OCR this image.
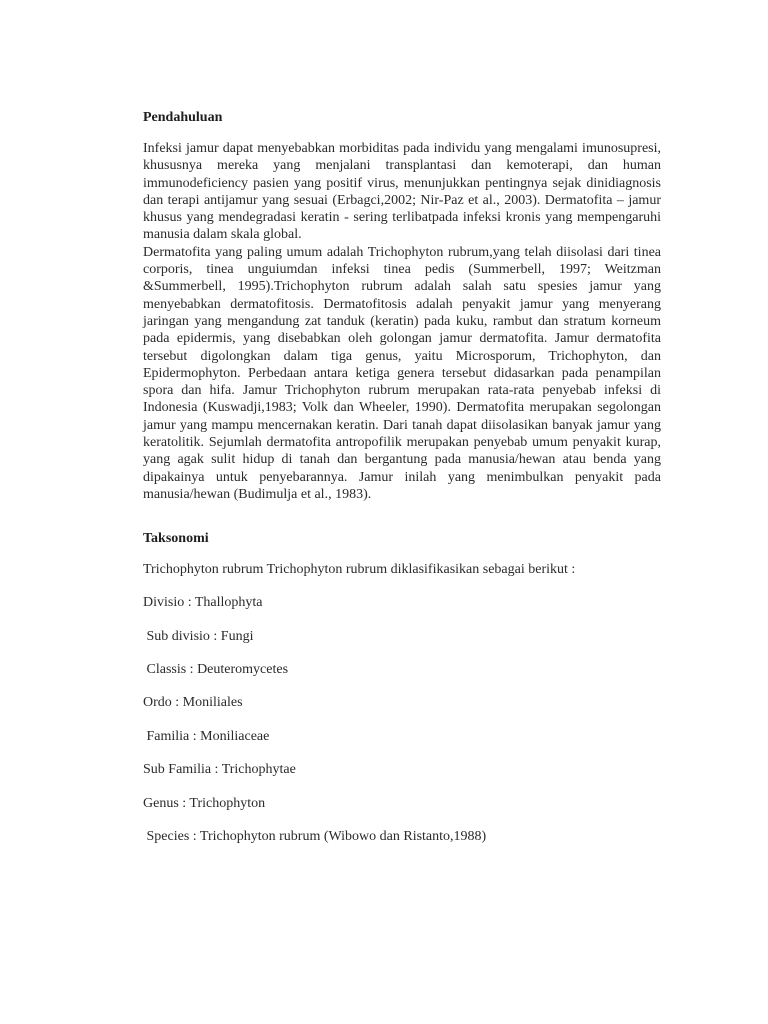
Pendahuluan

Infeksi jamur dapat menyebabkan morbiditas pada individu yang mengalami imunosupresi, khususnya mereka yang menjalani transplantasi dan kemoterapi, dan human immunodeficiency pasien yang positif virus, menunjukkan pentingnya sejak dinidiagnosis dan terapi antijamur yang sesuai (Erbagci,2002; Nir-Paz et al., 2003). Dermatofita – jamur khusus yang mendegradasi keratin - sering terlibatpada infeksi kronis yang mempengaruhi manusia dalam skala global.

Dermatofita yang paling umum adalah Trichophyton rubrum,yang telah diisolasi dari tinea corporis, tinea unguiumdan infeksi tinea pedis (Summerbell, 1997; Weitzman &Summerbell, 1995).Trichophyton rubrum adalah salah satu spesies jamur yang menyebabkan dermatofitosis. Dermatofitosis adalah penyakit jamur yang menyerang jaringan yang mengandung zat tanduk (keratin) pada kuku, rambut dan stratum korneum pada epidermis, yang disebabkan oleh golongan jamur dermatofita. Jamur dermatofita tersebut digolongkan dalam tiga genus, yaitu Microsporum, Trichophyton, dan Epidermophyton. Perbedaan antara ketiga genera tersebut didasarkan pada penampilan spora dan hifa. Jamur Trichophyton rubrum merupakan rata-rata penyebab infeksi di Indonesia (Kuswadji,1983; Volk dan Wheeler, 1990). Dermatofita merupakan segolongan jamur yang mampu mencernakan keratin. Dari tanah dapat diisolasikan banyak jamur yang keratolitik. Sejumlah dermatofita antropofilik merupakan penyebab umum penyakit kurap, yang agak sulit hidup di tanah dan bergantung pada manusia/hewan atau benda yang dipakainya untuk penyebarannya. Jamur inilah yang menimbulkan penyakit pada manusia/hewan (Budimulja et al., 1983).

Taksonomi
Trichophyton rubrum Trichophyton rubrum diklasifikasikan sebagai berikut :
Divisio : Thallophyta
Sub divisio : Fungi
Classis : Deuteromycetes
Ordo : Moniliales
Familia : Moniliaceae
Sub Familia : Trichophytae
Genus : Trichophyton
Species : Trichophyton rubrum (Wibowo dan Ristanto,1988)
